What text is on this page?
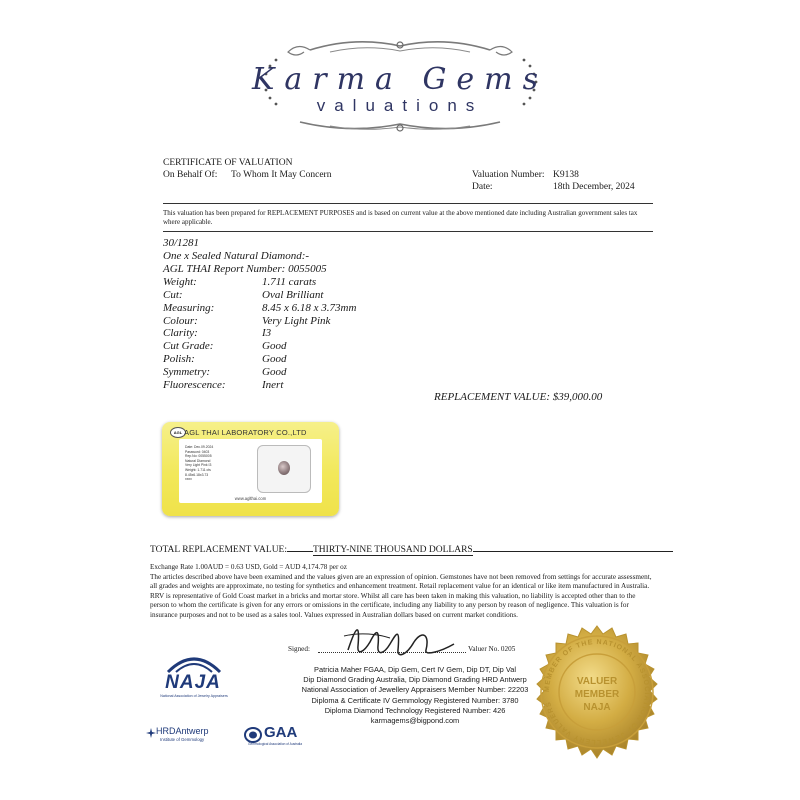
Karma Gems
valuations
CERTIFICATE OF VALUATION
On Behalf Of: To Whom It May Concern	Valuation Number: K9138
Date:	18th December, 2024
This valuation has been prepared for REPLACEMENT PURPOSES and is based on current value at the above mentioned date including Australian government sales tax where applicable.
30/1281
One x Sealed Natural Diamond:-
AGL THAI Report Number: 0055005
Weight:	1.711 carats
Cut:	Oval Brilliant
Measuring:	8.45 x 6.18 x 3.73mm
Colour:	Very Light Pink
Clarity:	I3
Cut Grade:	Good
Polish:	Good
Symmetry:	Good
Fluorescence:	Inert
REPLACEMENT VALUE: $39,000.00
AGL AGL THAI LABORATORY CO.,LTD
Date: Dec.09.2024
Password: 0403
Rep.No: 0055005
Natural Diamond
Very Light Pink I3
Weight: 1.711 cts
8.45x6.18x3.73
xxxx
www.aglthai.com
TOTAL REPLACEMENT VALUE:	THIRTY-NINE THOUSAND DOLLARS
Exchange Rate 1.00AUD = 0.63 USD, Gold = AUD 4,174.78 per oz
The articles described above have been examined and the values given are an expression of opinion. Gemstones have not been removed from settings for accurate assessment, all grades and weights are approximate, no testing for synthetics and enhancement treatment. Retail replacement value for an identical or like item manufactured in Australia. RRV is representative of Gold Coast market in a bricks and mortar store. Whilst all care has been taken in making this valuation, no liability is accepted other than to the person to whom the certificate is given for any errors or omissions in the certificate, including any liability to any person by reason of negligence. This valuation is for insurance purposes and not to be used as a sales tool. Values expressed in Australian dollars based on current market conditions.
Signed:	Valuer No. 0205
Patricia Maher FGAA, Dip Gem, Cert IV Gem, Dip DT, Dip Val
Dip Diamond Grading Australia, Dip Diamond Grading HRD Antwerp
National Association of Jewellery Appraisers Member Number: 22203
Diploma & Certificate IV Gemmology Registered Number: 3780
Diploma Diamond Technology Registered Number: 426
karmagems@bigpond.com
NAJA
National Association of Jewelry Appraisers
HRDAntwerp
Institute of Gemmology	GAA
Gemmological Association of Australia
MEMBER OF THE NATIONAL ASSOCIATION OF JEWELLERY VALUERS
VALUER
MEMBER
NAJA
